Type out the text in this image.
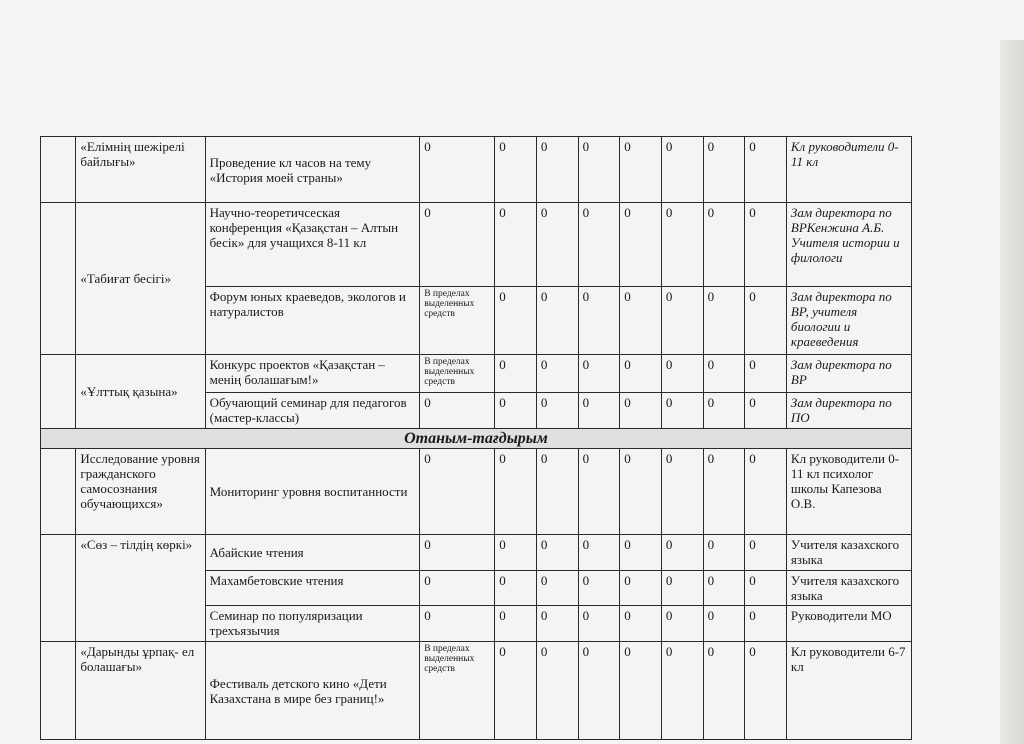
	«Елімнің шежірелі байлығы»	Проведение кл часов на тему «История моей страны»	0	0	0	0	0	0	0	0	Кл руководители 0-11 кл
	«Табиғат бесігі»	Научно-теоретичсеская конференция «Қазақстан – Алтын бесік» для учащихся 8-11 кл	0	0	0	0	0	0	0	0	Зам директора по ВРКенжина А.Б. Учителя истории и филологи
		Форум юных краеведов, экологов и натуралистов	В пределах выделенных средств	0	0	0	0	0	0	0	Зам директора по ВР, учителя биологии и краеведения
	«Ұлттық қазына»	Конкурс проектов «Қазақстан – менің болашағым!»	В пределах выделенных средств	0	0	0	0	0	0	0	Зам директора по ВР
		Обучающий семинар для педагогов (мастер-классы)	0	0	0	0	0	0	0	0	Зам директора по ПО
Отаным-тағдырым											
	Исследование уровня гражданского самосознания обучающихся»	Мониторинг уровня воспитанности	0	0	0	0	0	0	0	0	Кл руководители 0-11 кл психолог школы Капезова О.В.
	«Сөз – тілдің көркі»	Абайские чтения	0	0	0	0	0	0	0	0	Учителя казахского языка
		Махамбетовские чтения	0	0	0	0	0	0	0	0	Учителя казахского языка
		Семинар по популяризации трехъязычия	0	0	0	0	0	0	0	0	Руководители МО
	«Дарынды ұрпақ- ел болашағы»	Фестиваль детского кино «Дети Казахстана в мире без границ!»	В пределах выделенных средств	0	0	0	0	0	0	0	Кл руководители 6-7 кл
